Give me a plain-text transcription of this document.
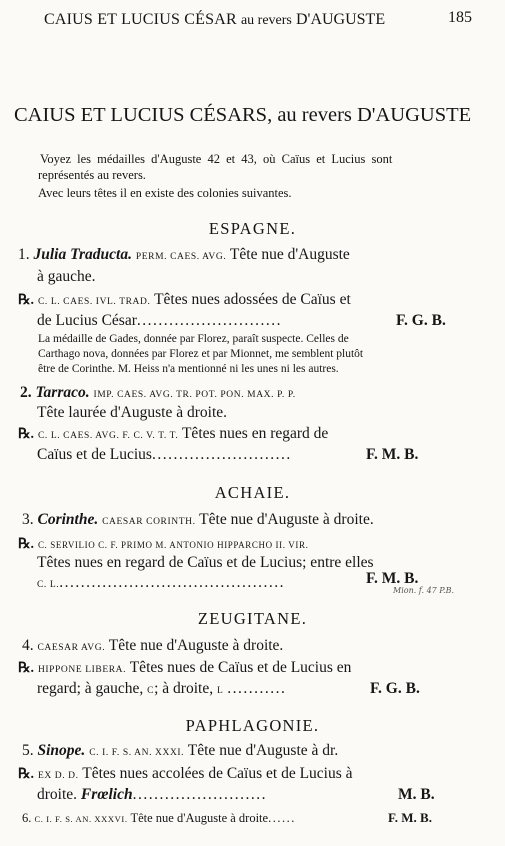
CAIUS ET LUCIUS CÉSAR au revers D'AUGUSTE	185
CAIUS ET LUCIUS CÉSARS, au revers D'AUGUSTE
Voyez les médailles d'Auguste 42 et 43, où Caïus et Lucius sont
représentés au revers.
Avec leurs têtes il en existe des colonies suivantes.
ESPAGNE.
1. Julia Traducta. PERM. CAES. AVG. Tête nue d'Auguste
à gauche.
℞. C. L. CAES. IVL. TRAD. Têtes nues adossées de Caïus et
de Lucius César...........................	F. G. B.
La médaille de Gades, donnée par Florez, paraît suspecte. Celles de
Carthago nova, données par Florez et par Mionnet, me semblent plutôt
être de Corinthe. M. Heiss n'a mentionné ni les unes ni les autres.
2. Tarraco. IMP. CAES. AVG. TR. POT. PON. MAX. P. P.
Tête laurée d'Auguste à droite.
℞. C. L. CAES. AVG. F. C. V. T. T. Têtes nues en regard de
Caïus et de Lucius..........................	F. M. B.
ACHAIE.
3. Corinthe. CAESAR CORINTH. Tête nue d'Auguste à droite.
℞. C. SERVILIO C. F. PRIMO M. ANTONIO HIPPARCHO II. VIR.
Têtes nues en regard de Caïus et de Lucius; entre elles
C. L...........................................	F. M. B.
Mion. f. 47 P.B.
ZEUGITANE.
4. CAESAR AVG. Tête nue d'Auguste à droite.
℞. HIPPONE LIBERA. Têtes nues de Caïus et de Lucius en
regard; à gauche, C; à droite, L ...........	F. G. B.
PAPHLAGONIE.
5. Sinope. C. I. F. S. AN. XXXI. Tête nue d'Auguste à dr.
℞. EX D. D. Têtes nues accolées de Caïus et de Lucius à
droite. Frœlich.........................	M. B.
6. C. I. F. S. AN. XXXVI. Tête nue d'Auguste à droite......	F. M. B.
